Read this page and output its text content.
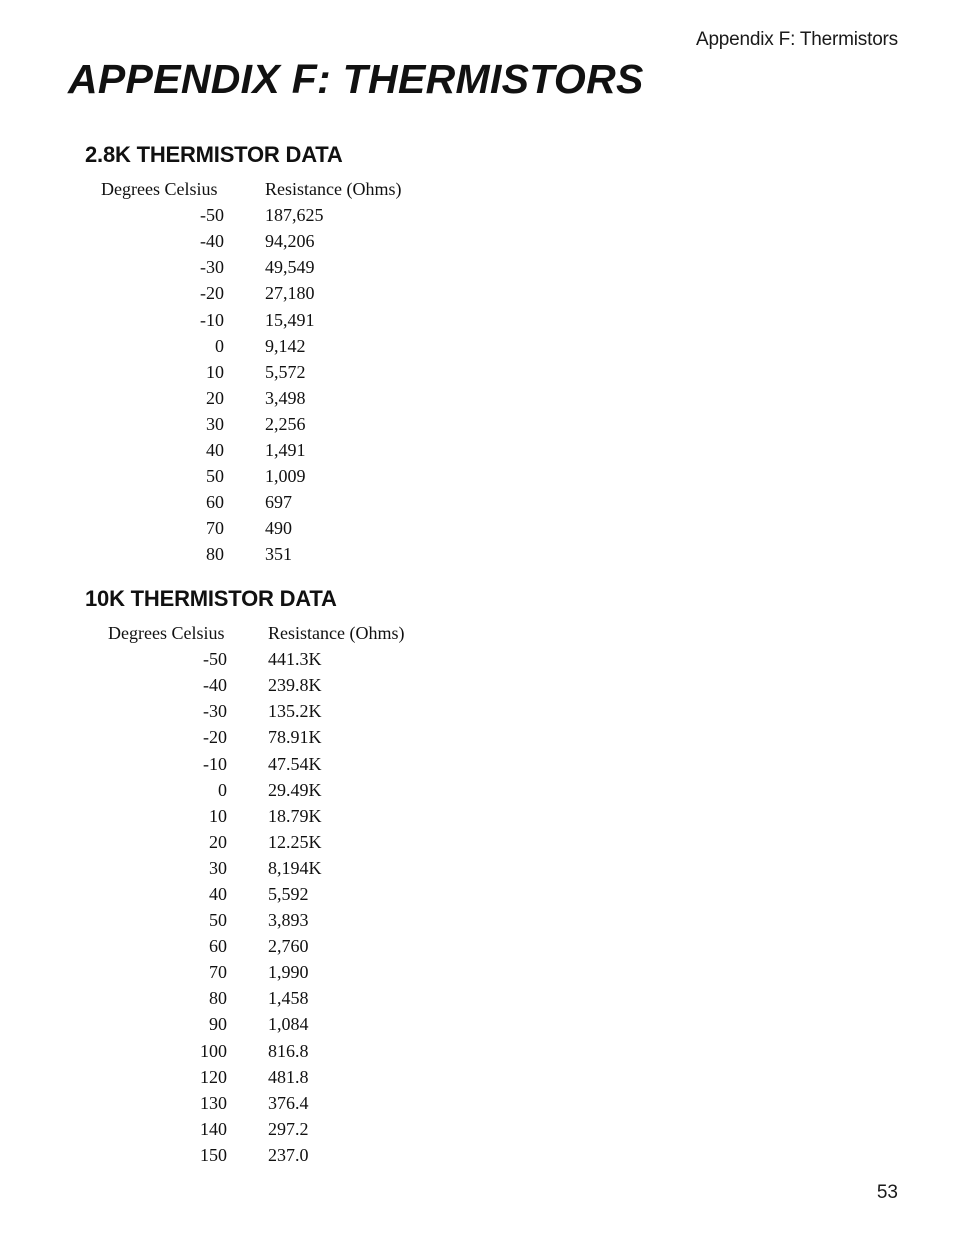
Appendix F: Thermistors
APPENDIX F: THERMISTORS
2.8K THERMISTOR DATA
Degrees Celsius	Resistance (Ohms)
-50	187,625
-40	94,206
-30	49,549
-20	27,180
-10	15,491
0	9,142
10	5,572
20	3,498
30	2,256
40	1,491
50	1,009
60	697
70	490
80	351
10K THERMISTOR DATA
Degrees Celsius	Resistance (Ohms)
-50	441.3K
-40	239.8K
-30	135.2K
-20	78.91K
-10	47.54K
0	29.49K
10	18.79K
20	12.25K
30	8,194K
40	5,592
50	3,893
60	2,760
70	1,990
80	1,458
90	1,084
100	816.8
120	481.8
130	376.4
140	297.2
150	237.0
53
